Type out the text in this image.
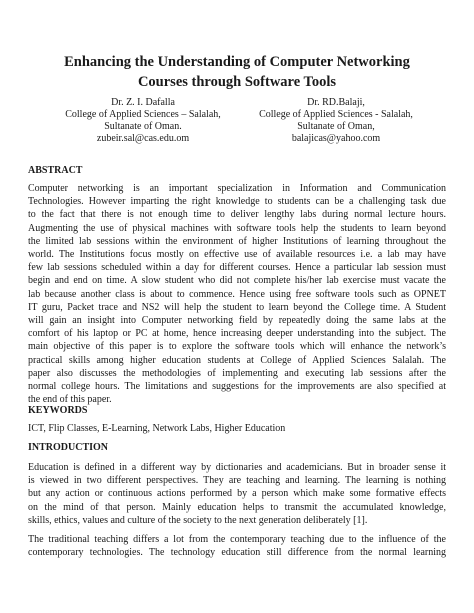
Enhancing the Understanding of Computer Networking
Courses through Software Tools
Dr. Z. I. Dafalla
College of Applied Sciences – Salalah,
Sultanate of Oman.
zubeir.sal@cas.edu.om
Dr. RD.Balaji,
College of Applied Sciences - Salalah,
Sultanate of Oman,
balajicas@yahoo.com
ABSTRACT
Computer networking is an important specialization in Information and Communication
Technologies. However imparting the right knowledge to students can be a challenging task due
to the fact that there is not enough time to deliver lengthy labs during normal lecture hours.
Augmenting the use of physical machines with software tools help the students to learn beyond
the limited lab sessions within the environment of higher Institutions of learning throughout the
world. The Institutions focus mostly on effective use of available resources i.e. a lab may have
few lab sessions scheduled within a day for different courses. Hence a particular lab session must
begin and end on time. A slow student who did not complete his/her lab exercise must vacate the
lab because another class is about to commence. Hence using free software tools such as OPNET
IT guru, Packet trace and NS2 will help the student to learn beyond the College time. A Student
will gain an insight into Computer networking field by repeatedly doing the same labs at the
comfort of his laptop or PC at home, hence increasing deeper understanding into the subject. The
main objective of this paper is to explore the software tools which will enhance the network’s
practical skills among higher education students at College of Applied Sciences Salalah. The
paper also discusses the methodologies of implementing and executing lab sessions after the
normal college hours. The limitations and suggestions for the improvements are also specified at
the end of this paper.
KEYWORDS
ICT, Flip Classes, E-Learning, Network Labs, Higher Education
INTRODUCTION
Education is defined in a different way by dictionaries and academicians. But in broader sense it
is viewed in two different perspectives. They are teaching and learning. The learning is nothing
but any action or continuous actions performed by a person which make some formative effects
on the mind of that person. Mainly education helps to transmit the accumulated knowledge,
skills, ethics, values and culture of the society to the next generation deliberately [1].
The traditional teaching differs a lot from the contemporary teaching due to the influence of the
contemporary technologies. The technology education still difference from the normal learning
